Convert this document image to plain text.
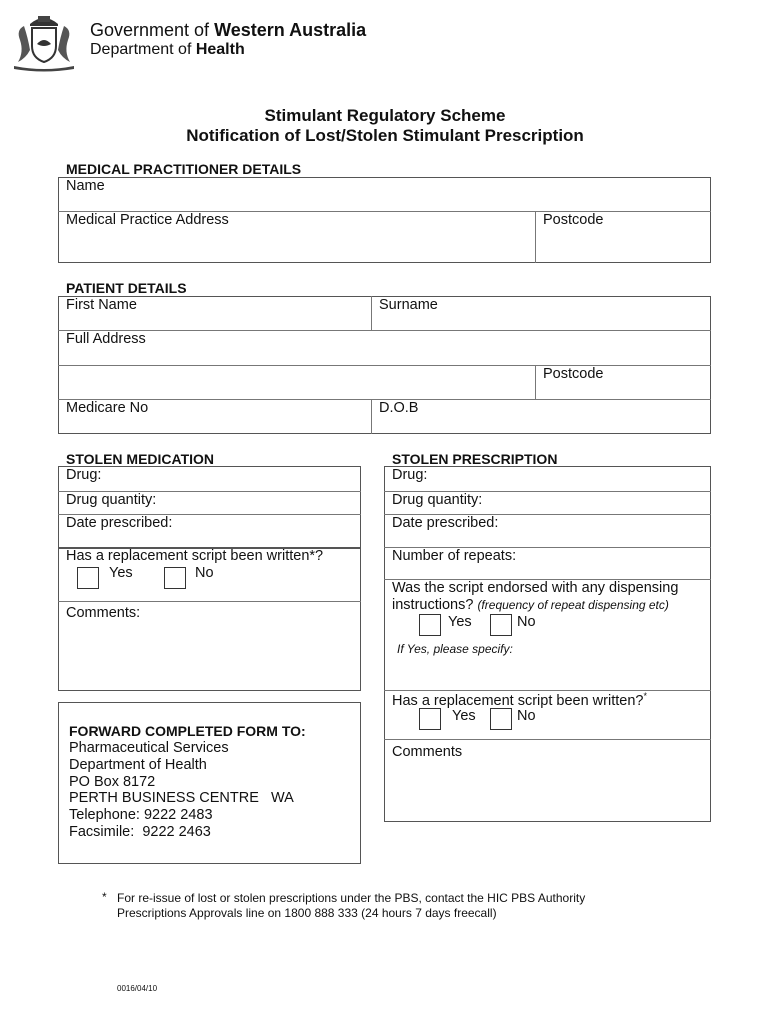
Government of Western Australia
Department of Health
Stimulant Regulatory Scheme
Notification of Lost/Stolen Stimulant Prescription
MEDICAL PRACTITIONER DETAILS
Name
Medical Practice Address	Postcode
PATIENT DETAILS
First Name	Surname
Full Address
Postcode
Medicare No	D.O.B
STOLEN MEDICATION
Drug:
Drug quantity:
Date prescribed:
Has a replacement script been written*?
Yes	No
Comments:
STOLEN PRESCRIPTION
Drug:
Drug quantity:
Date prescribed:
Number of repeats:
Was the script endorsed with any dispensing
instructions? (frequency of repeat dispensing etc)
Yes	No
If Yes, please specify:
Has a replacement script been written?*
Yes	No
Comments
FORWARD COMPLETED FORM TO:
Pharmaceutical Services
Department of Health
PO Box 8172
PERTH BUSINESS CENTRE   WA
Telephone: 9222 2483
Facsimile:  9222 2463
* For re-issue of lost or stolen prescriptions under the PBS, contact the HIC PBS Authority
Prescriptions Approvals line on 1800 888 333 (24 hours 7 days freecall)
0016/04/10
